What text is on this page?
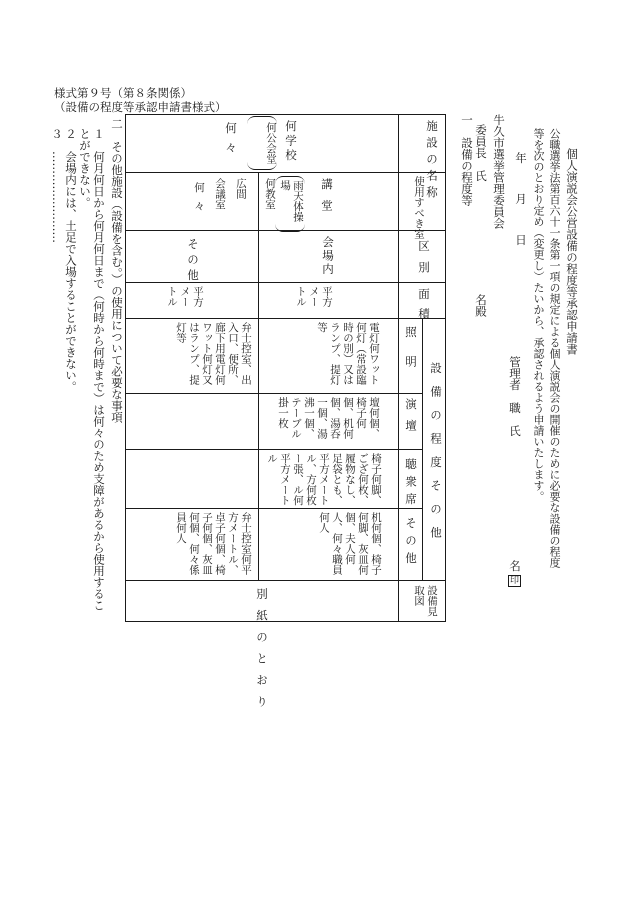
様式第９号（第８条関係）
（設備の程度等承認申請書様式）
個人演説会公営設備の程度等承認申請書
公職選挙法第百六十一条第一項の規定による個人演説会の開催のために必要な設備の程度
等を次のとおり定め（変更し）たいから、承認されるよう申請いたします。
年　月　日
牛久市選挙管理委員会
委員長　氏
名殿
一　設備の程度等
管理者　職　氏
名
印
施設の名称
使用すべき室
区別
面積
設備の程度その他
照明
演壇
聴衆席
その他
設備見取図
何学校
何公会堂
何々
講堂
雨天体操場
何教室
広間
会議室
何々
会場内
その他
平方メートル
平方メートル
電灯何ワット何灯（常設臨時の別）又はランプ、提灯等
弁士控室、出入口、便所、廊下用電灯何ワット何灯又はランプ、提灯等
壇何個、椅子何個、机何個、湯呑一個、湯沸一個、テーブル掛一枚
椅子何脚、ござ何枚、履物なし、足袋とも、平方メートル、方何枚ー張、ル何平方メートル
机何個、椅子何脚、灰皿何個、夫人何人、何々職員何人
弁士控室何平方メートル、卓子何個、椅子何個、灰皿何個、何々係員何人
別紙のとおり
二　その他施設（設備を含む。）の使用について必要な事項
１　何月何日から何月何日まで（何時から何時まで）は何々のため支障があるから使用するこ
とができない。
２　会場内には、土足で入場することができない。
３　……………………
